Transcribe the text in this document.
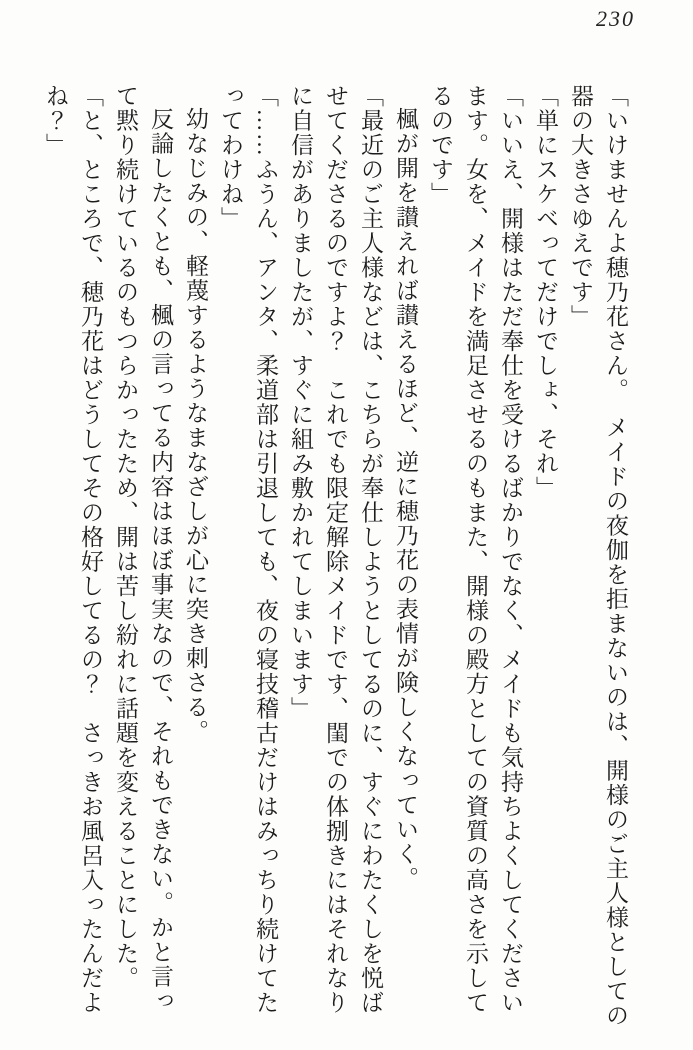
230
「いけませんよ穂乃花さん。　メイドの夜伽を拒まないのは、開様のご主人様としての
器の大きさゆえです」
「単にスケベってだけでしょ、それ」
「いいえ、開様はただ奉仕を受けるばかりでなく、メイドも気持ちよくしてください
ます。女を、メイドを満足させるのもまた、開様の殿方としての資質の高さを示して
るのです」
楓が開を讃えれば讃えるほど、逆に穂乃花の表情が険しくなっていく。
「最近のご主人様などは、こちらが奉仕しようとしてるのに、すぐにわたくしを悦ば
せてくださるのですよ？　これでも限定解除メイドです、閨での体捌きにはそれなり
に自信がありましたが、すぐに組み敷かれてしまいます」
「……ふうん、アンタ、柔道部は引退しても、夜の寝技稽古だけはみっちり続けてた
ってわけね」
幼なじみの、軽蔑するようなまなざしが心に突き刺さる。
反論したくとも、楓の言ってる内容はほぼ事実なので、それもできない。かと言っ
て黙り続けているのもつらかったため、開は苦し紛れに話題を変えることにした。
「と、ところで、穂乃花はどうしてその格好してるの？　さっきお風呂入ったんだよ
ね？」
